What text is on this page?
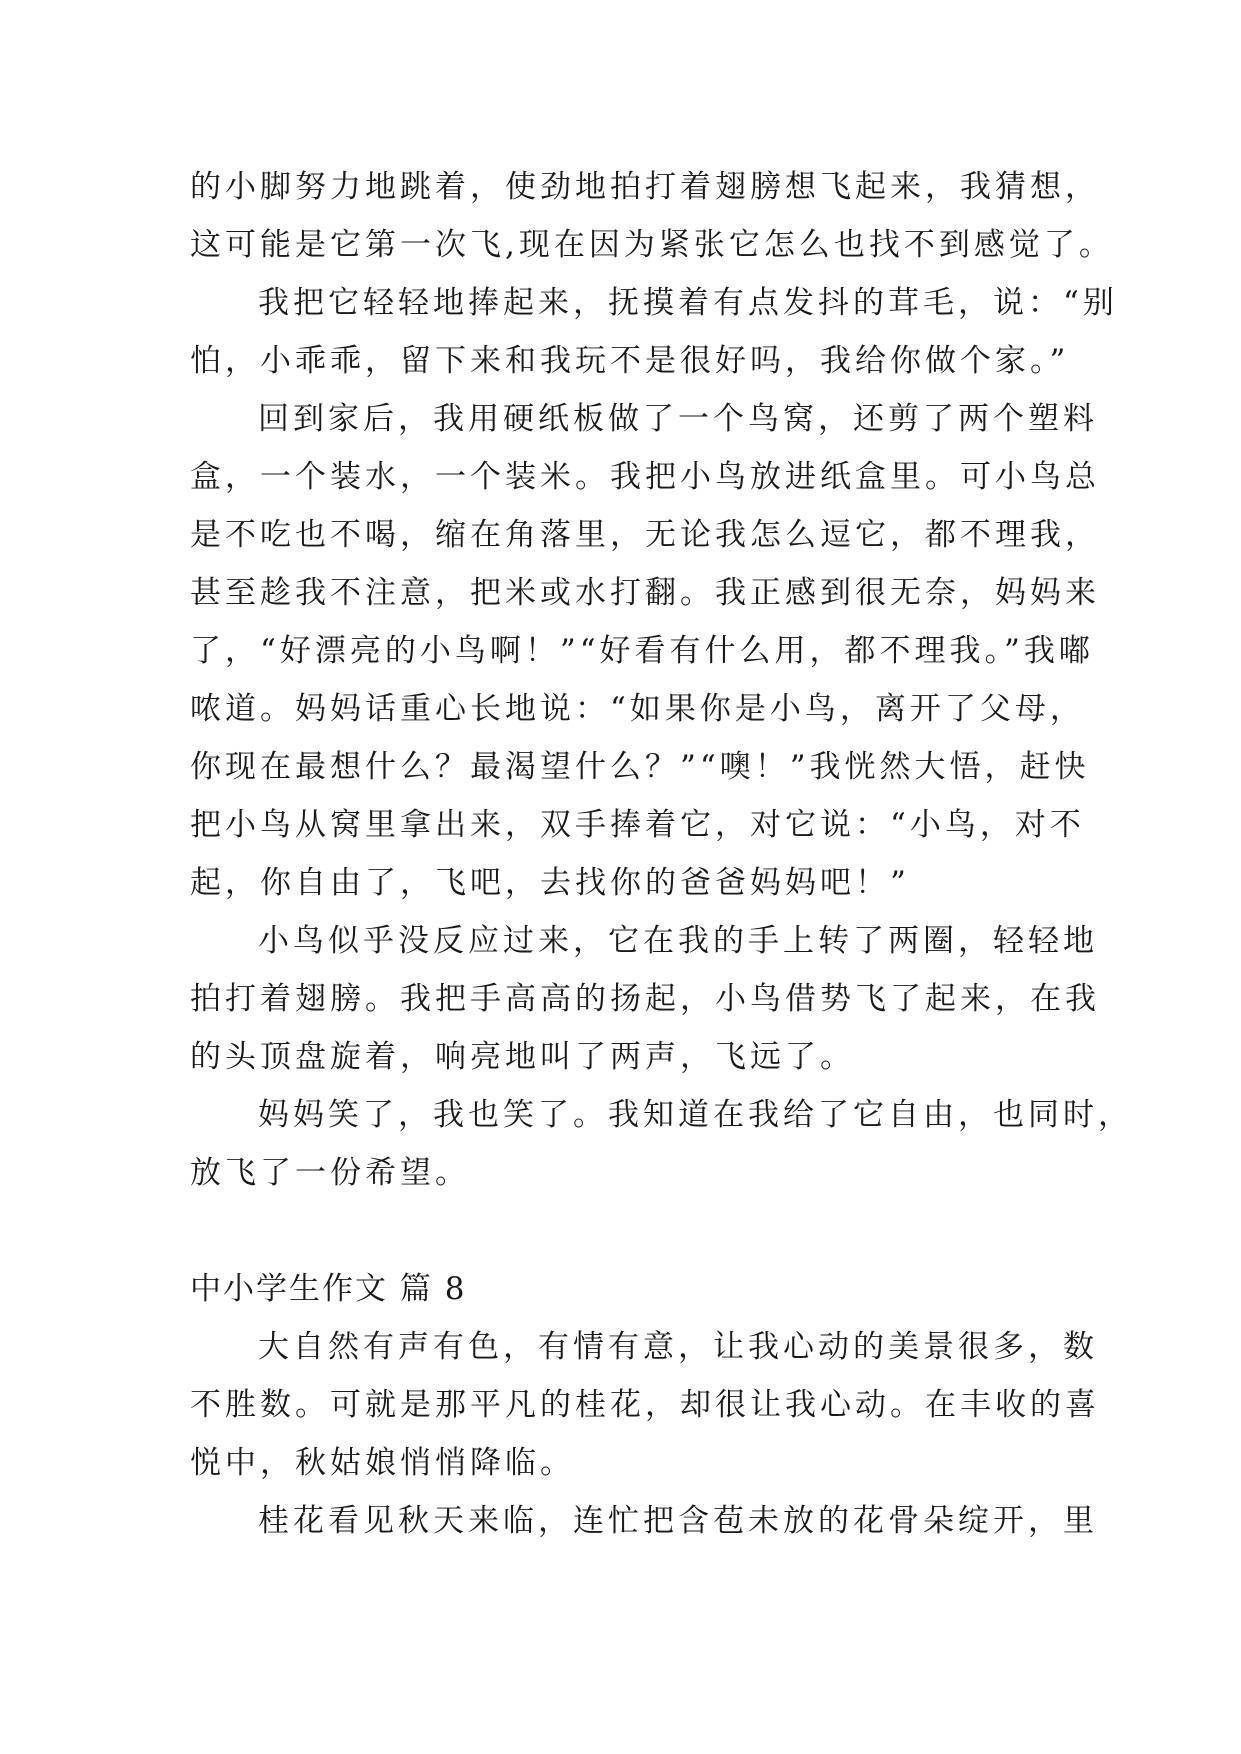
的小脚努力地跳着，使劲地拍打着翅膀想飞起来，我猜想，
这可能是它第一次飞,现在因为紧张它怎么也找不到感觉了。
我把它轻轻地捧起来，抚摸着有点发抖的茸毛，说：“别
怕，小乖乖，留下来和我玩不是很好吗，我给你做个家。”
回到家后，我用硬纸板做了一个鸟窝，还剪了两个塑料
盒，一个装水，一个装米。我把小鸟放进纸盒里。可小鸟总
是不吃也不喝，缩在角落里，无论我怎么逗它，都不理我，
甚至趁我不注意，把米或水打翻。我正感到很无奈，妈妈来
了，“好漂亮的小鸟啊！”“好看有什么用，都不理我。”我嘟
哝道。妈妈话重心长地说：“如果你是小鸟，离开了父母，
你现在最想什么？最渴望什么？”“噢！”我恍然大悟，赶快
把小鸟从窝里拿出来，双手捧着它，对它说：“小鸟，对不
起，你自由了，飞吧，去找你的爸爸妈妈吧！”
小鸟似乎没反应过来，它在我的手上转了两圈，轻轻地
拍打着翅膀。我把手高高的扬起，小鸟借势飞了起来，在我
的头顶盘旋着，响亮地叫了两声，飞远了。
妈妈笑了，我也笑了。我知道在我给了它自由，也同时，
放飞了一份希望。
中小学生作文 篇 8
大自然有声有色，有情有意，让我心动的美景很多，数
不胜数。可就是那平凡的桂花，却很让我心动。在丰收的喜
悦中，秋姑娘悄悄降临。
桂花看见秋天来临，连忙把含苞未放的花骨朵绽开，里
